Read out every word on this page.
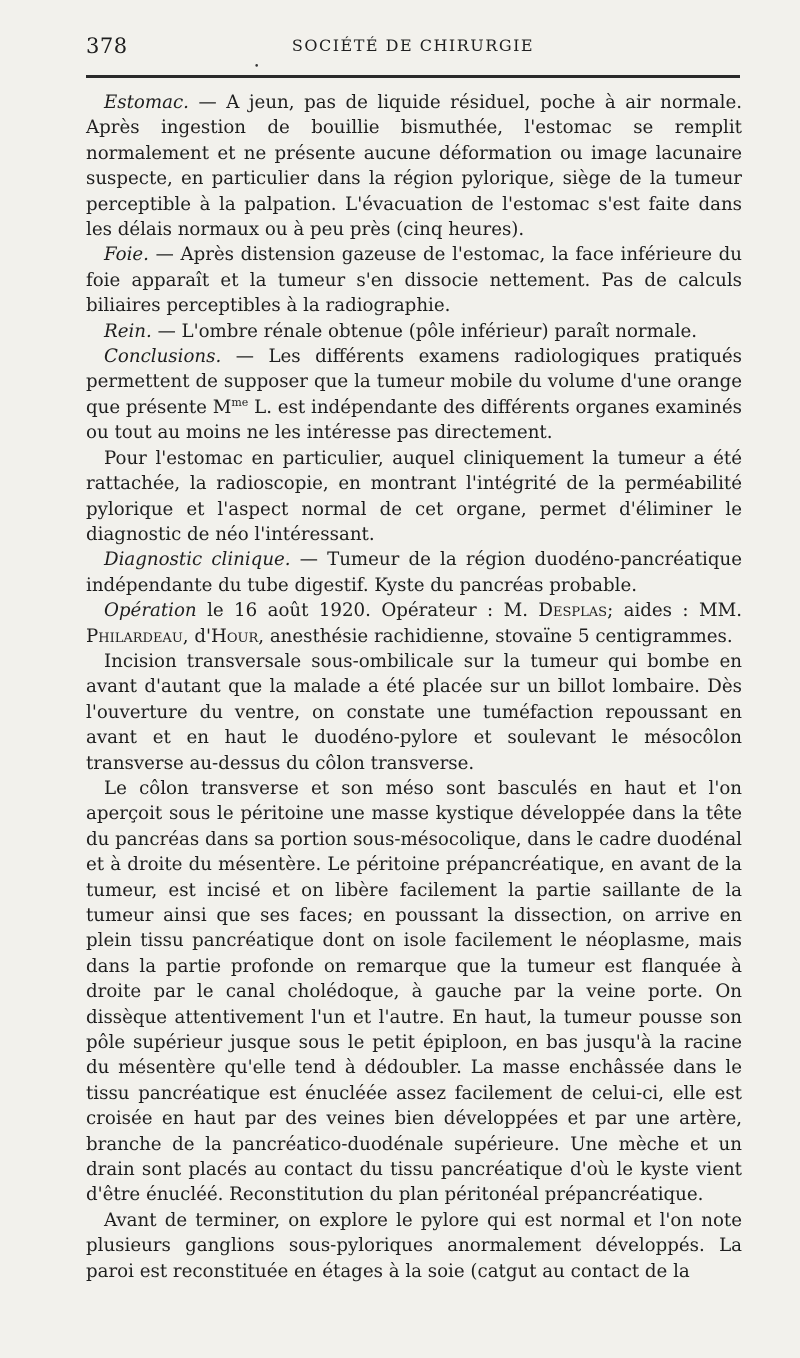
378	SOCIÉTÉ DE CHIRURGIE
•

Estomac. — A jeun, pas de liquide résiduel, poche à air normale. Après ingestion de bouillie bismuthée, l'estomac se remplit normalement et ne présente aucune déformation ou image lacunaire suspecte, en particulier dans la région pylorique, siège de la tumeur perceptible à la palpation. L'évacuation de l'estomac s'est faite dans les délais normaux ou à peu près (cinq heures).

Foie. — Après distension gazeuse de l'estomac, la face inférieure du foie apparaît et la tumeur s'en dissocie nettement. Pas de calculs biliaires perceptibles à la radiographie.

Rein. — L'ombre rénale obtenue (pôle inférieur) paraît normale.

Conclusions. — Les différents examens radiologiques pratiqués permettent de supposer que la tumeur mobile du volume d'une orange que présente $M^{me}$ L. est indépendante des différents organes examinés ou tout au moins ne les intéresse pas directement.

Pour l'estomac en particulier, auquel cliniquement la tumeur a été rattachée, la radioscopie, en montrant l'intégrité de la perméabilité pylorique et l'aspect normal de cet organe, permet d'éliminer le diagnostic de néo l'intéressant.

Diagnostic clinique. — Tumeur de la région duodéno-pancréatique indépendante du tube digestif. Kyste du pancréas probable.

Opération le 16 août 1920. Opérateur : M. Desplas; aides : MM. Philardeau, d'Hour, anesthésie rachidienne, stovaïne 5 centigrammes.

Incision transversale sous-ombilicale sur la tumeur qui bombe en avant d'autant que la malade a été placée sur un billot lombaire. Dès l'ouverture du ventre, on constate une tuméfaction repoussant en avant et en haut le duodéno-pylore et soulevant le mésocôlon transverse au-dessus du côlon transverse.

Le côlon transverse et son méso sont basculés en haut et l'on aperçoit sous le péritoine une masse kystique développée dans la tête du pancréas dans sa portion sous-mésocolique, dans le cadre duodénal et à droite du mésentère. Le péritoine prépancréatique, en avant de la tumeur, est incisé et on libère facilement la partie saillante de la tumeur ainsi que ses faces; en poussant la dissection, on arrive en plein tissu pancréatique dont on isole facilement le néoplasme, mais dans la partie profonde on remarque que la tumeur est flanquée à droite par le canal cholédoque, à gauche par la veine porte. On dissèque attentivement l'un et l'autre. En haut, la tumeur pousse son pôle supérieur jusque sous le petit épiploon, en bas jusqu'à la racine du mésentère qu'elle tend à dédoubler. La masse enchâssée dans le tissu pancréatique est énucléée assez facilement de celui-ci, elle est croisée en haut par des veines bien développées et par une artère, branche de la pancréatico-duodénale supérieure. Une mèche et un drain sont placés au contact du tissu pancréatique d'où le kyste vient d'être énucléé. Reconstitution du plan péritonéal prépancréatique.

Avant de terminer, on explore le pylore qui est normal et l'on note plusieurs ganglions sous-pyloriques anormalement développés. La paroi est reconstituée en étages à la soie (catgut au contact de la
